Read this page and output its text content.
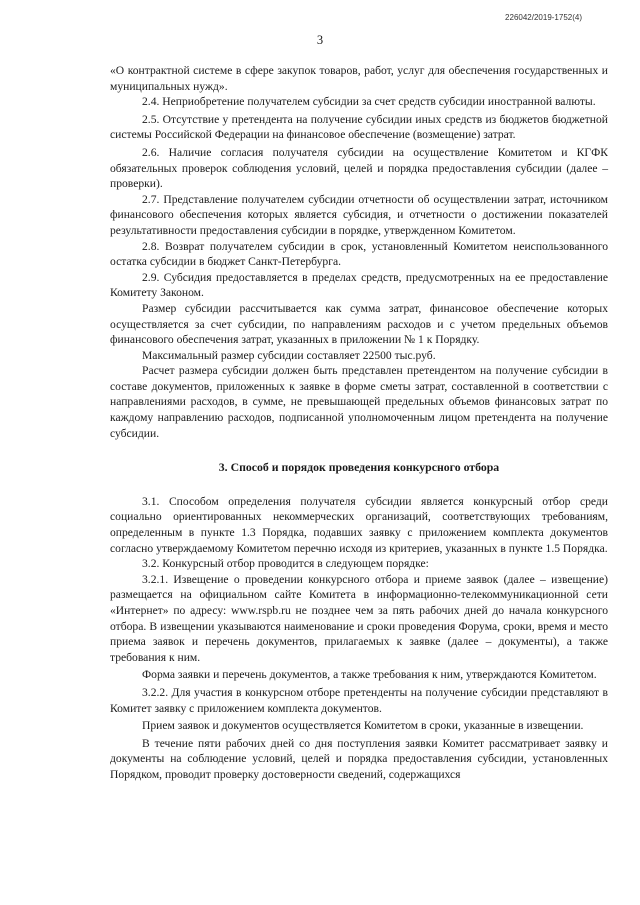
226042/2019-1752(4)
3

«О контрактной системе в сфере закупок товаров, работ, услуг для обеспечения государственных и муниципальных нужд».

2.4. Неприобретение получателем субсидии за счет средств субсидии иностранной валюты.

2.5. Отсутствие у претендента на получение субсидии иных средств из бюджетов бюджетной системы Российской Федерации на финансовое обеспечение (возмещение) затрат.

2.6. Наличие согласия получателя субсидии на осуществление Комитетом и КГФК обязательных проверок соблюдения условий, целей и порядка предоставления субсидии (далее – проверки).

2.7. Представление получателем субсидии отчетности об осуществлении затрат, источником финансового обеспечения которых является субсидия, и отчетности о достижении показателей результативности предоставления субсидии в порядке, утвержденном Комитетом.

2.8. Возврат получателем субсидии в срок, установленный Комитетом неиспользованного остатка субсидии в бюджет Санкт-Петербурга.

2.9. Субсидия предоставляется в пределах средств, предусмотренных на ее предоставление Комитету Законом.

Размер субсидии рассчитывается как сумма затрат, финансовое обеспечение которых осуществляется за счет субсидии, по направлениям расходов и с учетом предельных объемов финансового обеспечения затрат, указанных в приложении № 1 к Порядку.

Максимальный размер субсидии составляет 22500 тыс.руб.

Расчет размера субсидии должен быть представлен претендентом на получение субсидии в составе документов, приложенных к заявке в форме сметы затрат, составленной в соответствии с направлениями расходов, в сумме, не превышающей предельных объемов финансовых затрат по каждому направлению расходов, подписанной уполномоченным лицом претендента на получение субсидии.

3. Способ и порядок проведения конкурсного отбора

3.1. Способом определения получателя субсидии является конкурсный отбор среди социально ориентированных некоммерческих организаций, соответствующих требованиям, определенным в пункте 1.3 Порядка, подавших заявку с приложением комплекта документов согласно утверждаемому Комитетом перечню исходя из критериев, указанных в пункте 1.5 Порядка.

3.2. Конкурсный отбор проводится в следующем порядке:

3.2.1. Извещение о проведении конкурсного отбора и приеме заявок (далее – извещение) размещается на официальном сайте Комитета в информационно-телекоммуникационной сети «Интернет» по адресу: www.rspb.ru не позднее чем за пять рабочих дней до начала конкурсного отбора. В извещении указываются наименование и сроки проведения Форума, сроки, время и место приема заявок и перечень документов, прилагаемых к заявке (далее – документы), а также требования к ним.

Форма заявки и перечень документов, а также требования к ним, утверждаются Комитетом.

3.2.2. Для участия в конкурсном отборе претенденты на получение субсидии представляют в Комитет заявку с приложением комплекта документов.

Прием заявок и документов осуществляется Комитетом в сроки, указанные в извещении.

В течение пяти рабочих дней со дня поступления заявки Комитет рассматривает заявку и документы на соблюдение условий, целей и порядка предоставления субсидии, установленных Порядком, проводит проверку достоверности сведений, содержащихся
